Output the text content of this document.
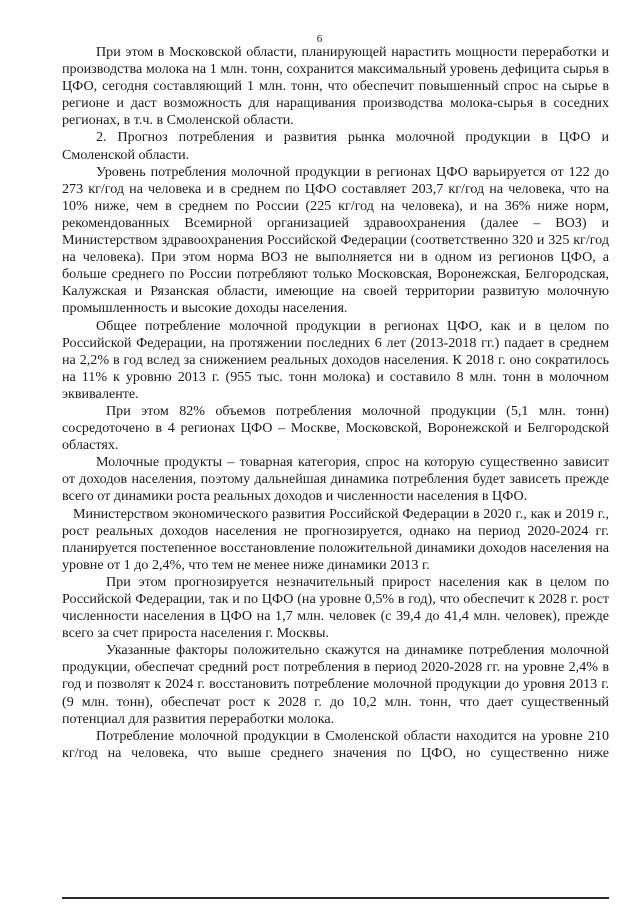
6

При этом в Московской области, планирующей нарастить мощности переработки и производства молока на 1 млн. тонн, сохранится максимальный уровень дефицита сырья в ЦФО, сегодня составляющий 1 млн. тонн, что обеспечит повышенный спрос на сырье в регионе и даст возможность для наращивания производства молока-сырья в соседних регионах, в т.ч. в Смоленской области.

2. Прогноз потребления и развития рынка молочной продукции в ЦФО и Смоленской области.

Уровень потребления молочной продукции в регионах ЦФО варьируется от 122 до 273 кг/год на человека и в среднем по ЦФО составляет 203,7 кг/год на человека, что на 10% ниже, чем в среднем по России (225 кг/год на человека), и на 36% ниже норм, рекомендованных Всемирной организацией здравоохранения (далее – ВОЗ) и Министерством здравоохранения Российской Федерации (соответственно 320 и 325 кг/год на человека). При этом норма ВОЗ не выполняется ни в одном из регионов ЦФО, а больше среднего по России потребляют только Московская, Воронежская, Белгородская, Калужская и Рязанская области, имеющие на своей территории развитую молочную промышленность и высокие доходы населения.

Общее потребление молочной продукции в регионах ЦФО, как и в целом по Российской Федерации, на протяжении последних 6 лет (2013-2018 гг.) падает в среднем на 2,2% в год вслед за снижением реальных доходов населения. К 2018 г. оно сократилось на 11% к уровню 2013 г. (955 тыс. тонн молока) и составило 8 млн. тонн в молочном эквиваленте.

При этом 82% объемов потребления молочной продукции (5,1 млн. тонн) сосредоточено в 4 регионах ЦФО – Москве, Московской, Воронежской и Белгородской областях.

Молочные продукты – товарная категория, спрос на которую существенно зависит от доходов населения, поэтому дальнейшая динамика потребления будет зависеть прежде всего от динамики роста реальных доходов и численности населения в ЦФО.

Министерством экономического развития Российской Федерации в 2020 г., как и 2019 г., рост реальных доходов населения не прогнозируется, однако на период 2020-2024 гг. планируется постепенное восстановление положительной динамики доходов населения на уровне от 1 до 2,4%, что тем не менее ниже динамики 2013 г.

При этом прогнозируется незначительный прирост населения как в целом по Российской Федерации, так и по ЦФО (на уровне 0,5% в год), что обеспечит к 2028 г. рост численности населения в ЦФО на 1,7 млн. человек (с 39,4 до 41,4 млн. человек), прежде всего за счет прироста населения г. Москвы.

Указанные факторы положительно скажутся на динамике потребления молочной продукции, обеспечат средний рост потребления в период 2020-2028 гг. на уровне 2,4% в год и позволят к 2024 г. восстановить потребление молочной продукции до уровня 2013 г. (9 млн. тонн), обеспечат рост к 2028 г. до 10,2 млн. тонн, что дает существенный потенциал для развития переработки молока.

Потребление молочной продукции в Смоленской области находится на уровне 210 кг/год на человека, что выше среднего значения по ЦФО, но существенно ниже
